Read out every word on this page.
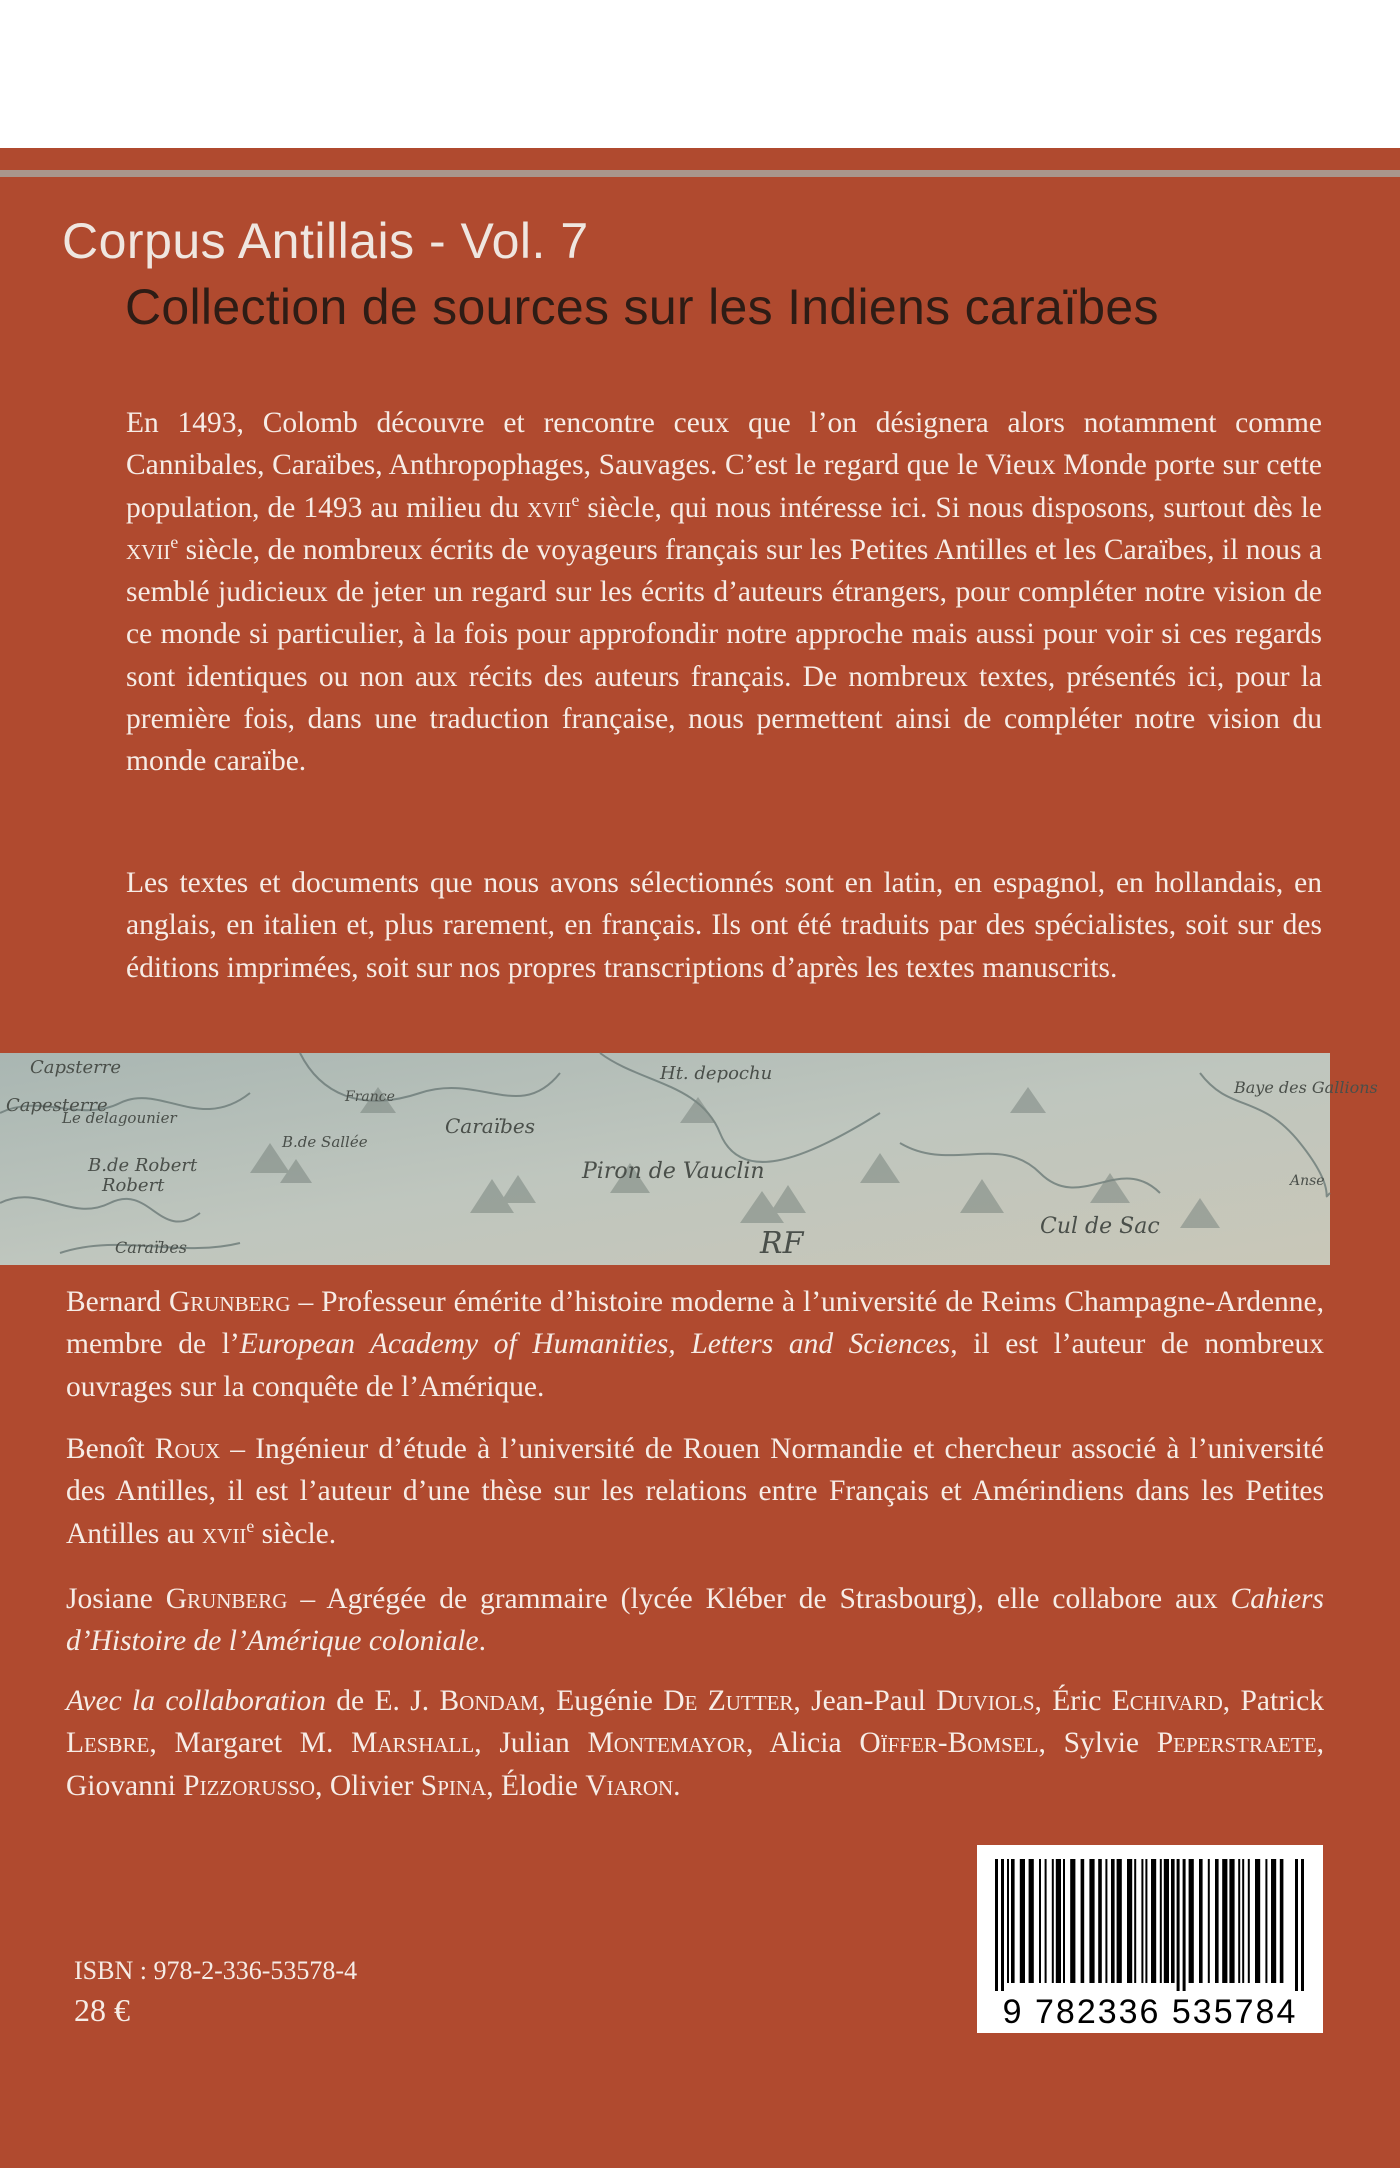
Corpus Antillais - Vol. 7
Collection de sources sur les Indiens caraïbes

En 1493, Colomb découvre et rencontre ceux que l’on désignera alors notamment comme Cannibales, Caraïbes, Anthropophages, Sauvages. C’est le regard que le Vieux Monde porte sur cette population, de 1493 au milieu du xvii$^e$ siècle, qui nous intéresse ici. Si nous disposons, surtout dès le xvii$^e$ siècle, de nombreux écrits de voyageurs français sur les Petites Antilles et les Caraïbes, il nous a semblé judicieux de jeter un regard sur les écrits d’auteurs étrangers, pour compléter notre vision de ce monde si particulier, à la fois pour approfondir notre approche mais aussi pour voir si ces regards sont identiques ou non aux récits des auteurs français. De nombreux textes, présentés ici, pour la première fois, dans une traduction française, nous permettent ainsi de compléter notre vision du monde caraïbe.

Les textes et documents que nous avons sélectionnés sont en latin, en espagnol, en hollandais, en anglais, en italien et, plus rarement, en français. Ils ont été traduits par des spécialistes, soit sur des éditions imprimées, soit sur nos propres transcriptions d’après les textes manuscrits.

Capsterre
Capesterre
Le delagounier
B.de Robert
Robert
France
B.de Sallée
Caraïbes
Caraïbes
Piron de Vauclin
Ht. depochu
Baye des Gallions
Cul de Sac
Anse
RF

Bernard Grunberg – Professeur émérite d’histoire moderne à l’université de Reims Champagne-Ardenne, membre de l’European Academy of Humanities, Letters and Sciences, il est l’auteur de nombreux ouvrages sur la conquête de l’Amérique.

Benoît Roux – Ingénieur d’étude à l’université de Rouen Normandie et chercheur associé à l’université des Antilles, il est l’auteur d’une thèse sur les relations entre Français et Amérindiens dans les Petites Antilles au xvii$^e$ siècle.

Josiane Grunberg – Agrégée de grammaire (lycée Kléber de Strasbourg), elle collabore aux Cahiers d’Histoire de l’Amérique coloniale.

Avec la collaboration de E. J. Bondam, Eugénie De Zutter, Jean-Paul Duviols, Éric Echivard, Patrick Lesbre, Margaret M. Marshall, Julian Montemayor, Alicia Oïffer-Bomsel, Sylvie Peperstraete, Giovanni Pizzorusso, Olivier Spina, Élodie Viaron.

9 782336 535784
ISBN : 978-2-336-53578-4
28 €
